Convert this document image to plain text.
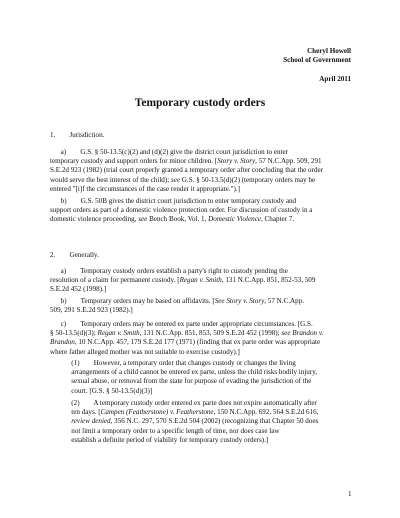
Cheryl Howell
School of Government
April 2011
Temporary custody orders
1.        Jurisdiction.
a)        G.S. § 50-13.5(c)(2) and (d)(2) give the district court jurisdiction to enter
temporary custody and support orders for minor children. [Story v. Story, 57 N.C.App. 509, 291
S.E.2d 923 (1982) (trial court properly granted a temporary order after concluding that the order
would serve the best interest of the child); see G.S. § 50-13.5(d)(2) (temporary orders may be
entered "[i]f the circumstances of the case render it appropriate.").]
b)        G.S. 50B gives the district court jurisdiction to enter temporary custody and
support orders as part of a domestic violence protection order. For discussion of custody in a
domestic violence proceeding, see Bench Book, Vol. 1, Domestic Violence, Chapter 7.
2.        Generally.
a)        Temporary custody orders establish a party's right to custody pending the
resolution of a claim for permanent custody. [Regan v. Smith, 131 N.C.App. 851, 852-53, 509
S.E.2d 452 (1998).]
b)        Temporary orders may be based on affidavits. [See Story v. Story, 57 N.C.App.
509, 291 S.E.2d 923 (1982).]
c)        Temporary orders may be entered ex parte under appropriate circumstances. [G.S.
§ 50-13.5(d)(3); Regan v. Smith, 131 N.C.App. 851, 853, 509 S.E.2d 452 (1998); see Brandon v.
Brandon, 10 N.C.App. 457, 179 S.E.2d 177 (1971) (finding that ex parte order was appropriate
where father alleged mother was not suitable to exercise custody).]
(1)        However, a temporary order that changes custody or changes the living
arrangements of a child cannot be entered ex parte, unless the child risks bodily injury,
sexual abuse, or removal from the state for purpose of evading the jurisdiction of the
court. [G.S. § 50-13.5(d)(3)]
(2)        A temporary custody order entered ex parte does not expire automatically after
ten days. [Campen (Featherstone) v. Featherstone, 150 N.C.App. 692, 564 S.E.2d 616,
review denied, 356 N.C. 297, 570 S.E.2d 504 (2002) (recognizing that Chapter 50 does
not limit a temporary order to a specific length of time, nor does case law
establish a definite period of viability for temporary custody orders).]
1
